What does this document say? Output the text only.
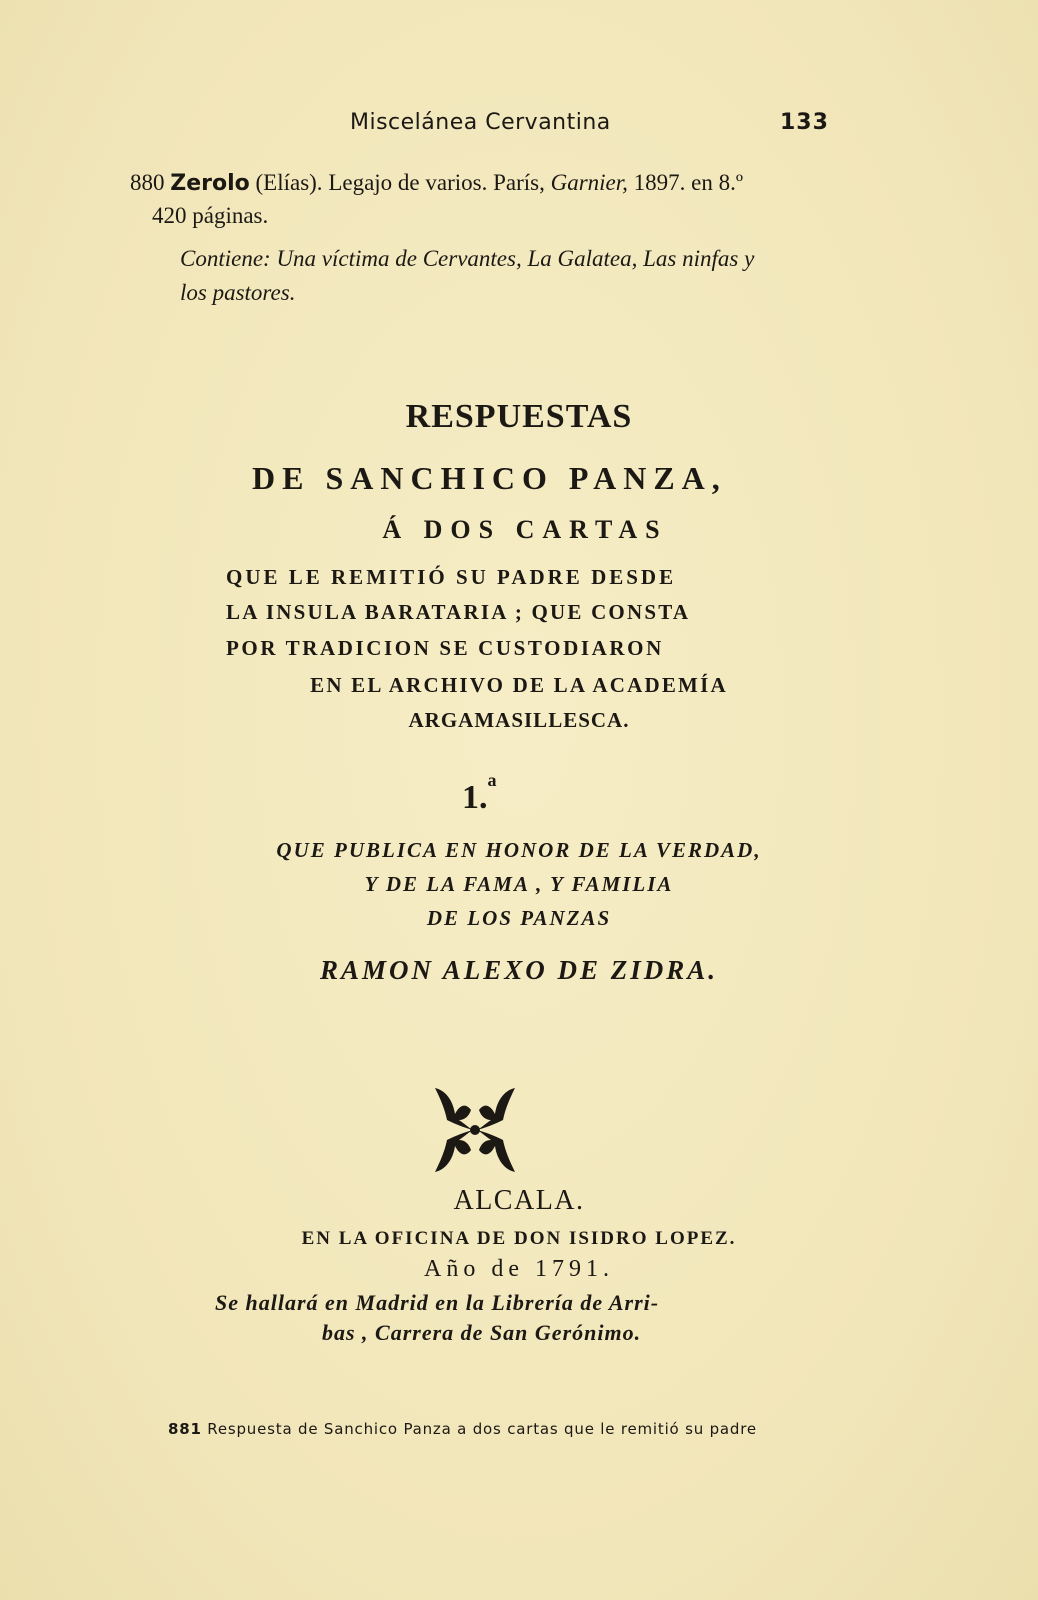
Miscelánea Cervantina	133
880 Zerolo (Elías). Legajo de varios. París, Garnier, 1897. en 8.º
420 páginas.
Contiene: Una víctima de Cervantes, La Galatea, Las ninfas y
los pastores.
RESPUESTAS
DE SANCHICO PANZA,
Á DOS CARTAS
QUE LE REMITIÓ SU PADRE DESDE
LA INSULA BARATARIA ; QUE CONSTA
POR TRADICION SE CUSTODIARON
EN EL ARCHIVO DE LA ACADEMÍA
ARGAMASILLESCA.
1.$^a$
QUE PUBLICA EN HONOR DE LA VERDAD,
Y DE LA FAMA , Y FAMILIA
DE LOS PANZAS
RAMON ALEXO DE ZIDRA.
ALCALA.
EN LA OFICINA DE DON ISIDRO LOPEZ.
Año de 1791.
Se hallará en Madrid en la Librería de Arri-
bas , Carrera de San Gerónimo.
881 Respuesta de Sanchico Panza a dos cartas que le remitió su padre
